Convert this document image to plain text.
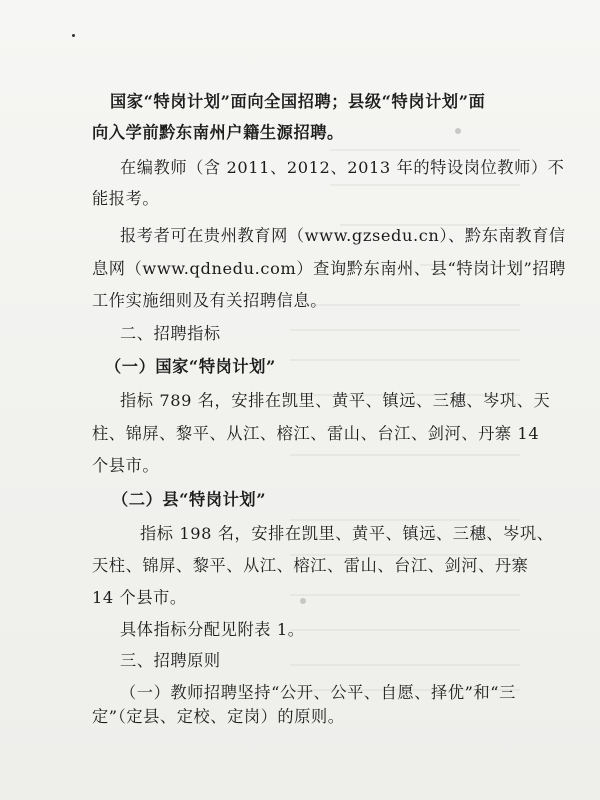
国家“特岗计划”面向全国招聘；县级“特岗计划”面
向入学前黔东南州户籍生源招聘。
在编教师（含 2011、2012、2013 年的特设岗位教师）不
能报考。
报考者可在贵州教育网（www.gzsedu.cn）、黔东南教育信
息网（www.qdnedu.com）查询黔东南州、县“特岗计划”招聘
工作实施细则及有关招聘信息。
二、招聘指标
（一）国家“特岗计划”
指标 789 名，安排在凯里、黄平、镇远、三穗、岑巩、天
柱、锦屏、黎平、从江、榕江、雷山、台江、剑河、丹寨 14
个县市。
（二）县“特岗计划”
指标 198 名，安排在凯里、黄平、镇远、三穗、岑巩、
天柱、锦屏、黎平、从江、榕江、雷山、台江、剑河、丹寨
14 个县市。
具体指标分配见附表 1。
三、招聘原则
（一）教师招聘坚持“公开、公平、自愿、择优”和“三
定”（定县、定校、定岗）的原则。
